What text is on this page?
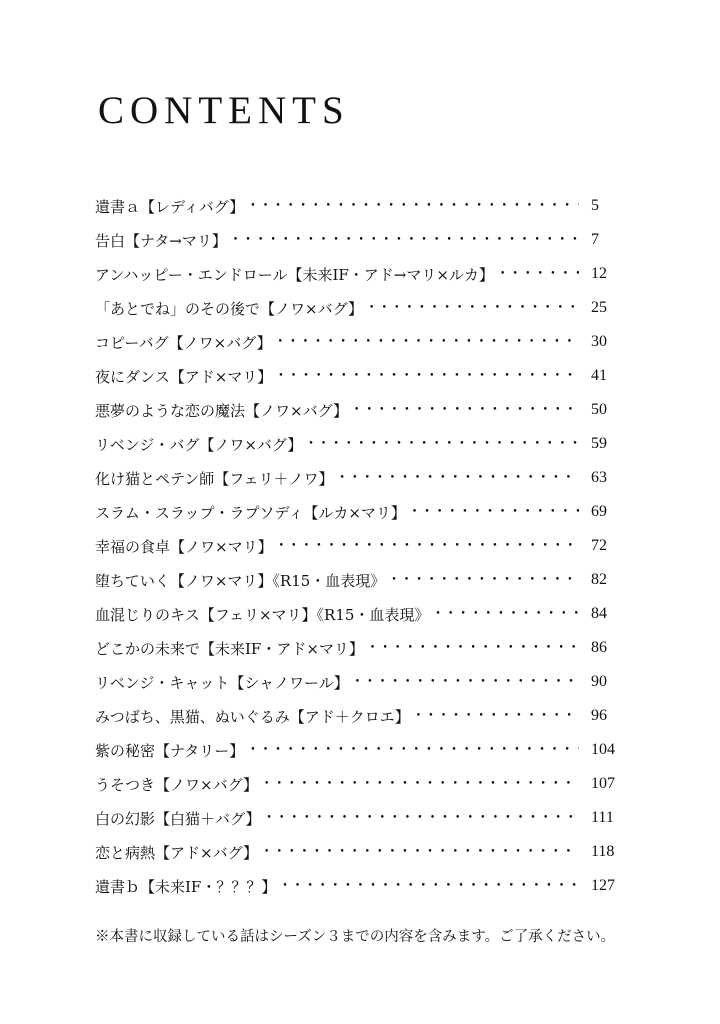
CONTENTS
遺書ａ【レディバグ】 • • •	5
告白【ナタ→マリ】 • • •	7
アンハッピー・エンドロール【未来IF・アド→マリ×ルカ】 • • •	12
「あとでね」のその後で【ノワ×バグ】 • • •	25
コピーバグ【ノワ×バグ】 • • •	30
夜にダンス【アド×マリ】 • • •	41
悪夢のような恋の魔法【ノワ×バグ】 • • •	50
リベンジ・バグ【ノワ×バグ】 • • •	59
化け猫とペテン師【フェリ＋ノワ】 • • •	63
スラム・スラップ・ラプソディ【ルカ×マリ】 • • •	69
幸福の食卓【ノワ×マリ】 • • •	72
堕ちていく【ノワ×マリ】《R15・血表現》 • • •	82
血混じりのキス【フェリ×マリ】《R15・血表現》 • • •	84
どこかの未来で【未来IF・アド×マリ】 • • •	86
リベンジ・キャット【シャノワール】 • • •	90
みつばち、黒猫、ぬいぐるみ【アド＋クロエ】 • • •	96
紫の秘密【ナタリー】 • • •	104
うそつき【ノワ×バグ】 • • •	107
白の幻影【白猫＋バグ】 • • •	111
恋と病熱【アド×バグ】 • • •	118
遺書ｂ【未来IF・？？？】 • • •	127

※本書に収録している話はシーズン３までの内容を含みます。ご了承ください。
